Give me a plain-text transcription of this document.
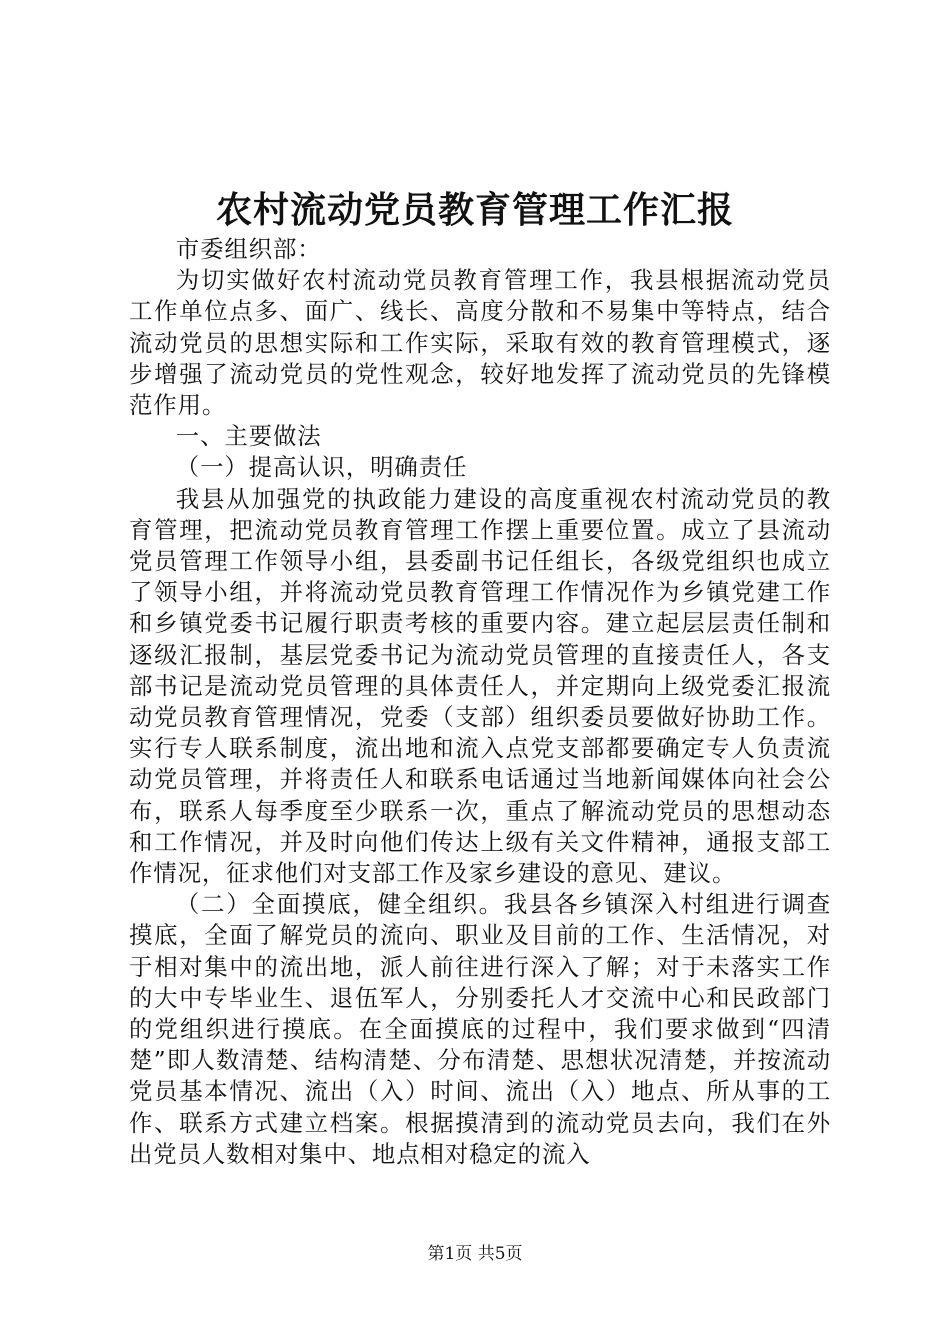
农村流动党员教育管理工作汇报

市委组织部：

为切实做好农村流动党员教育管理工作，我县根据流动党员工作单位点多、面广、线长、高度分散和不易集中等特点，结合流动党员的思想实际和工作实际，采取有效的教育管理模式，逐步增强了流动党员的党性观念，较好地发挥了流动党员的先锋模范作用。

一、主要做法

（一）提高认识，明确责任

我县从加强党的执政能力建设的高度重视农村流动党员的教育管理，把流动党员教育管理工作摆上重要位置。成立了县流动党员管理工作领导小组，县委副书记任组长，各级党组织也成立了领导小组，并将流动党员教育管理工作情况作为乡镇党建工作和乡镇党委书记履行职责考核的重要内容。建立起层层责任制和逐级汇报制，基层党委书记为流动党员管理的直接责任人，各支部书记是流动党员管理的具体责任人，并定期向上级党委汇报流动党员教育管理情况，党委（支部）组织委员要做好协助工作。实行专人联系制度，流出地和流入点党支部都要确定专人负责流动党员管理，并将责任人和联系电话通过当地新闻媒体向社会公布，联系人每季度至少联系一次，重点了解流动党员的思想动态和工作情况，并及时向他们传达上级有关文件精神，通报支部工作情况，征求他们对支部工作及家乡建设的意见、建议。

（二）全面摸底，健全组织。我县各乡镇深入村组进行调查摸底，全面了解党员的流向、职业及目前的工作、生活情况，对于相对集中的流出地，派人前往进行深入了解；对于未落实工作的大中专毕业生、退伍军人，分别委托人才交流中心和民政部门的党组织进行摸底。在全面摸底的过程中，我们要求做到“四清楚”即人数清楚、结构清楚、分布清楚、思想状况清楚，并按流动党员基本情况、流出（入）时间、流出（入）地点、所从事的工作、联系方式建立档案。根据摸清到的流动党员去向，我们在外出党员人数相对集中、地点相对稳定的流入

第1页 共5页
